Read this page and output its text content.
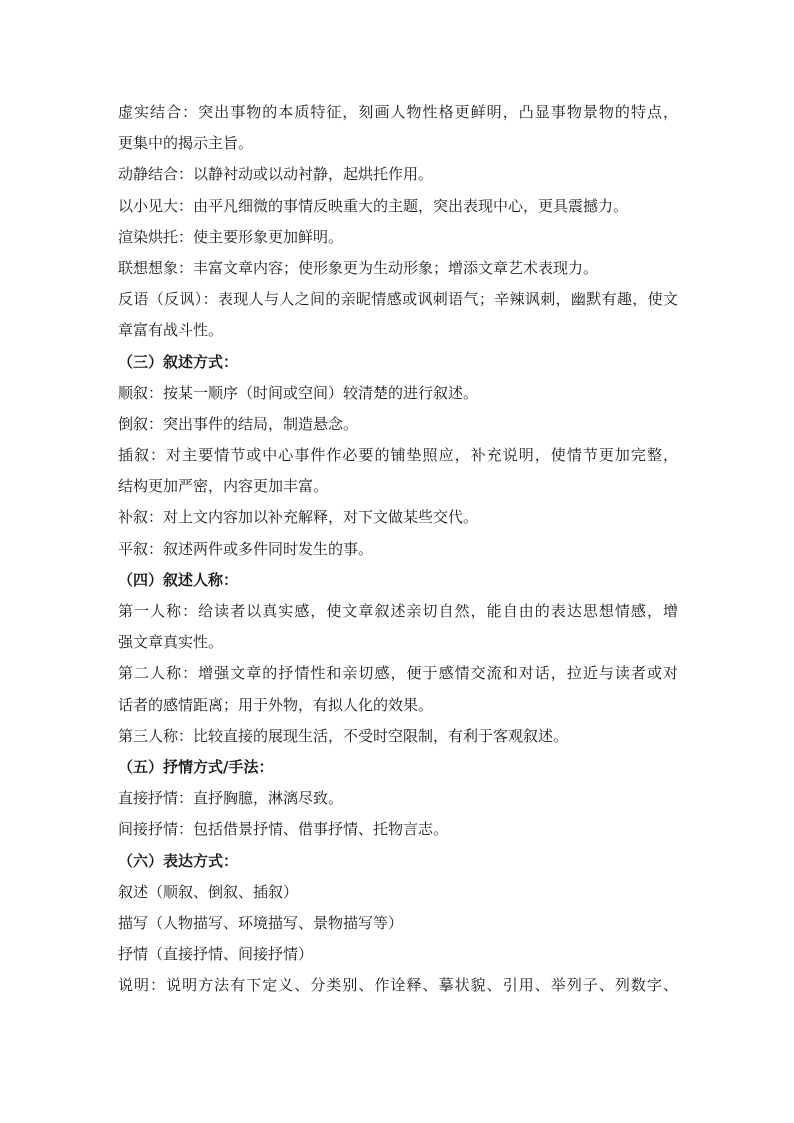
虚实结合：突出事物的本质特征，刻画人物性格更鲜明，凸显事物景物的特点，
更集中的揭示主旨。
动静结合：以静衬动或以动衬静，起烘托作用。
以小见大：由平凡细微的事情反映重大的主题，突出表现中心，更具震撼力。
渲染烘托：使主要形象更加鲜明。
联想想象：丰富文章内容；使形象更为生动形象；增添文章艺术表现力。
反语（反讽）：表现人与人之间的亲昵情感或讽刺语气；辛辣讽刺，幽默有趣，使文
章富有战斗性。
（三）叙述方式：
顺叙：按某一顺序（时间或空间）较清楚的进行叙述。
倒叙：突出事件的结局，制造悬念。
插叙：对主要情节或中心事件作必要的铺垫照应，补充说明，使情节更加完整，
结构更加严密，内容更加丰富。
补叙：对上文内容加以补充解释，对下文做某些交代。
平叙：叙述两件或多件同时发生的事。
（四）叙述人称：
第一人称：给读者以真实感，使文章叙述亲切自然，能自由的表达思想情感，增
强文章真实性。
第二人称：增强文章的抒情性和亲切感，便于感情交流和对话，拉近与读者或对
话者的感情距离；用于外物，有拟人化的效果。
第三人称：比较直接的展现生活，不受时空限制，有利于客观叙述。
（五）抒情方式/手法：
直接抒情：直抒胸臆，淋漓尽致。
间接抒情：包括借景抒情、借事抒情、托物言志。
（六）表达方式：
叙述（顺叙、倒叙、插叙）
描写（人物描写、环境描写、景物描写等）
抒情（直接抒情、间接抒情）
说明：说明方法有下定义、分类别、作诠释、摹状貌、引用、举列子、列数字、
